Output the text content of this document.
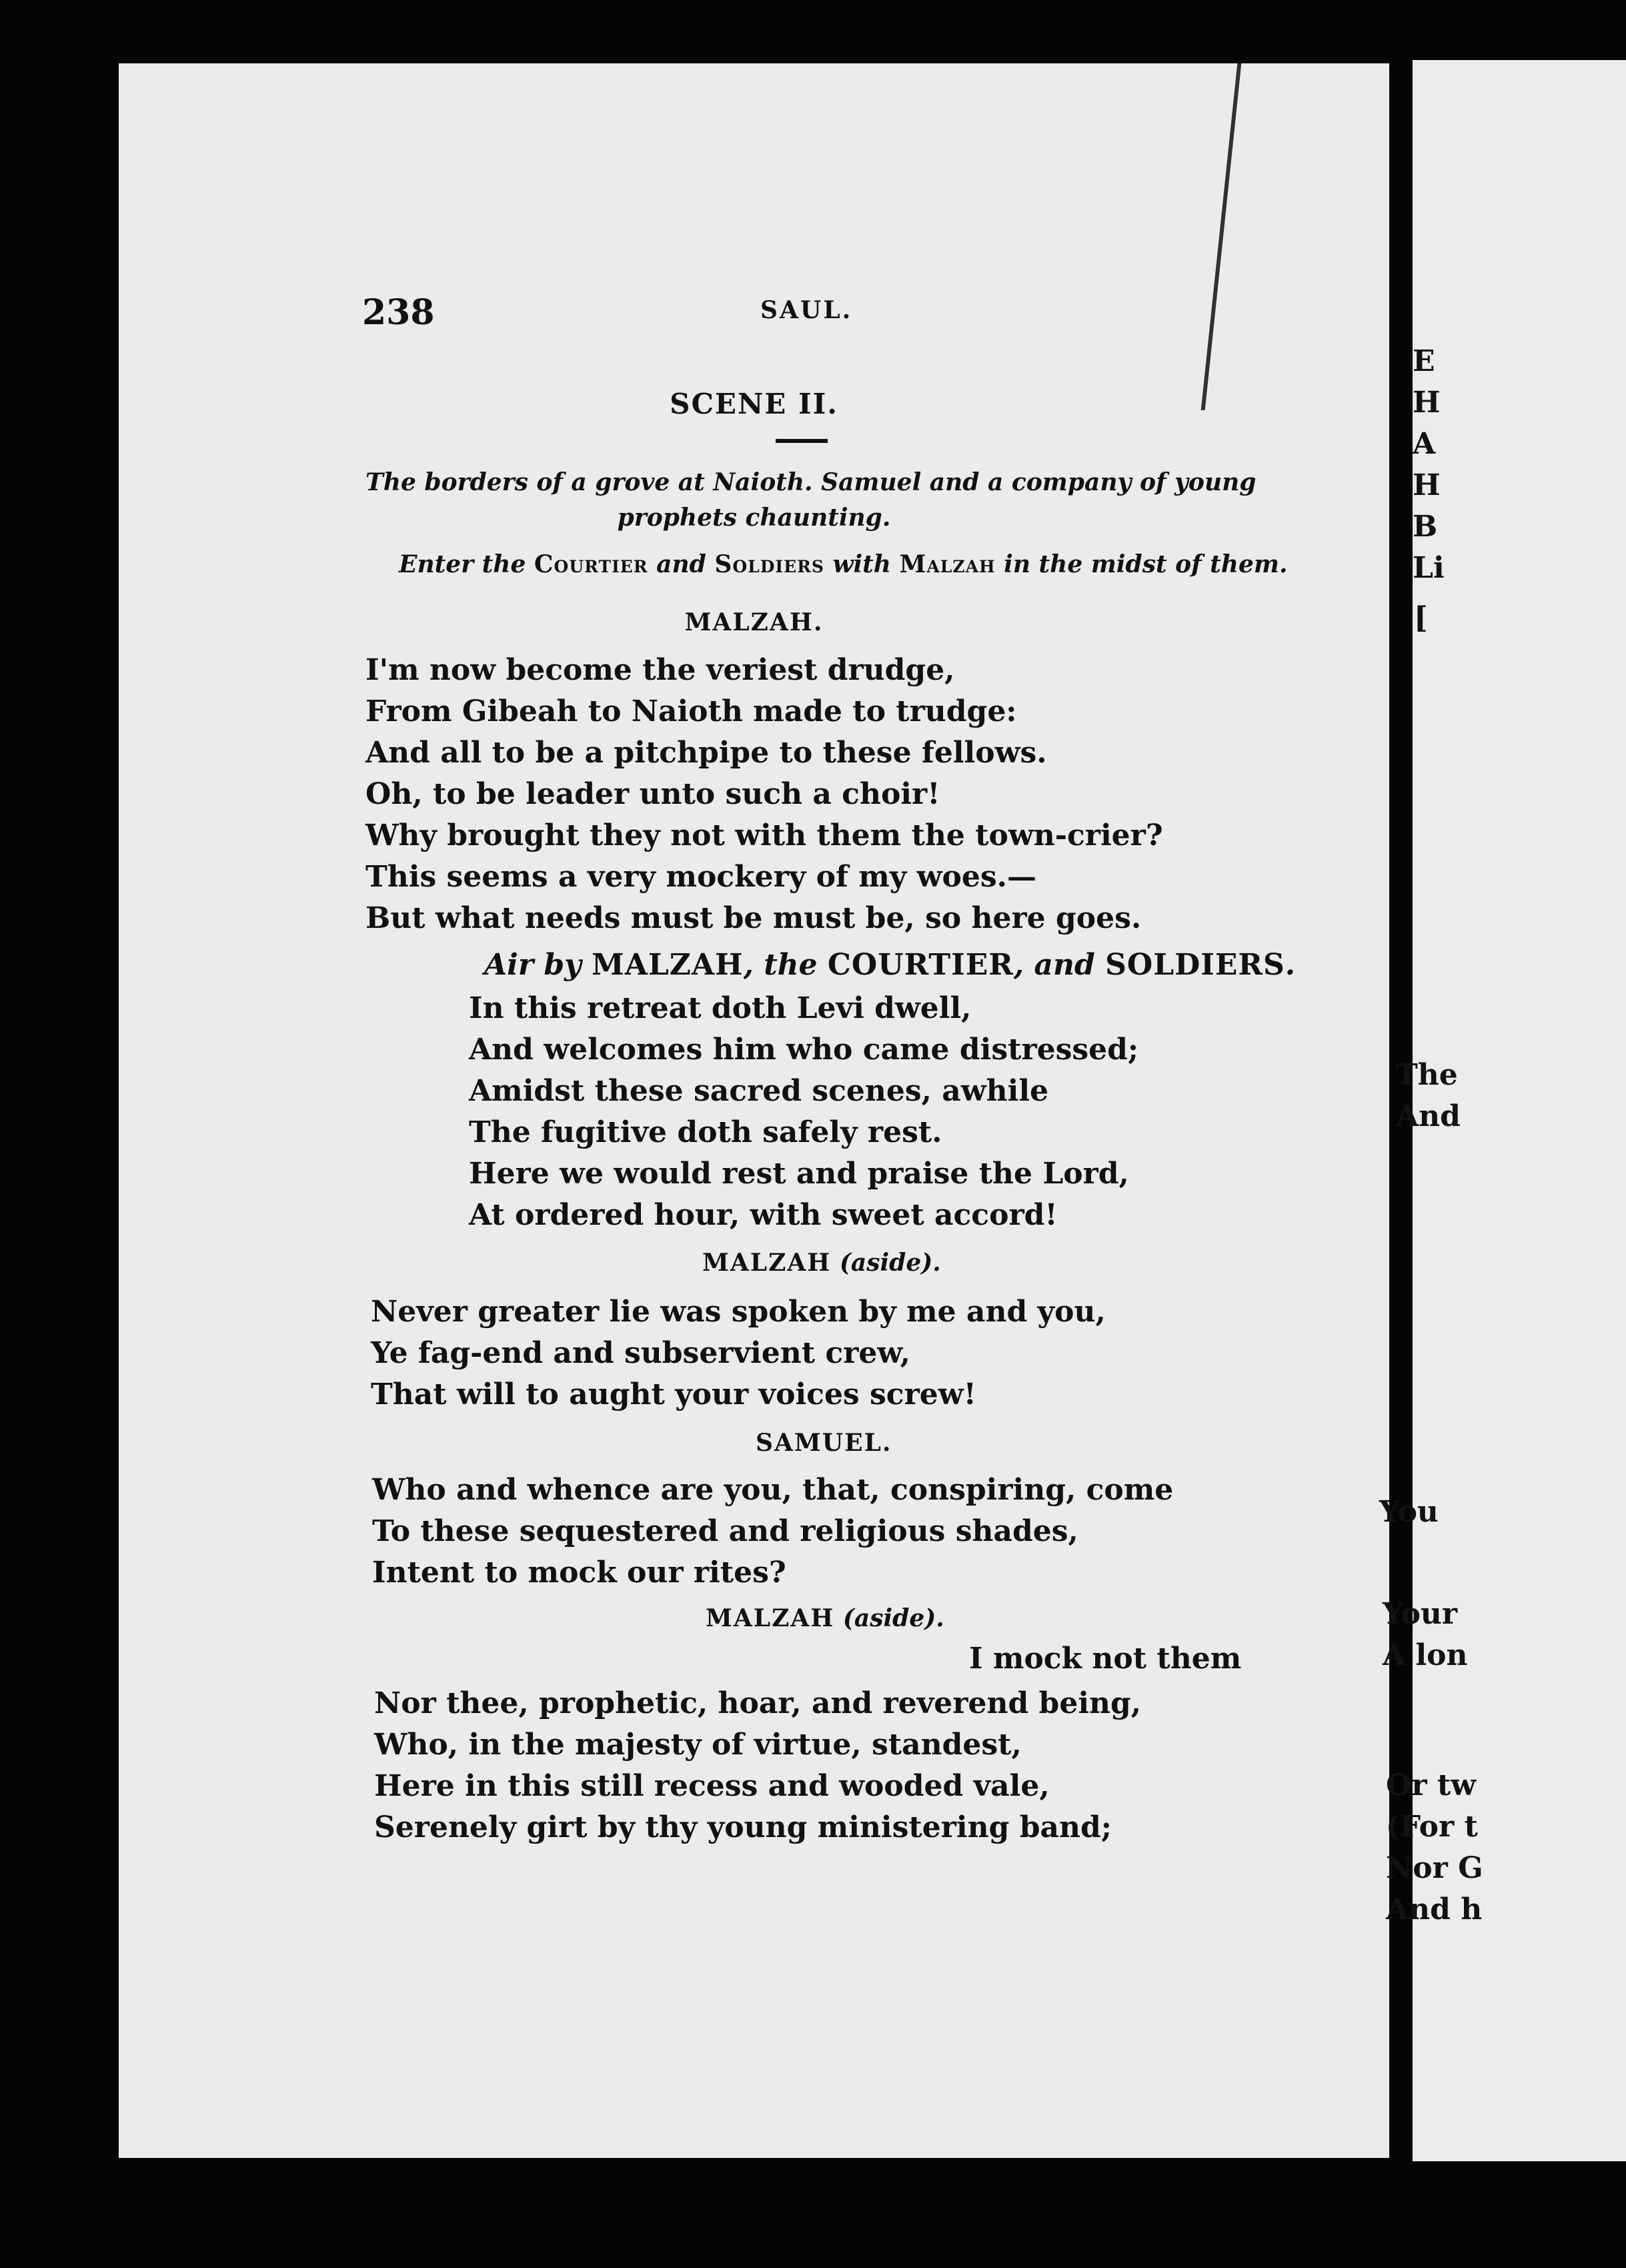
238	SAUL.

SCENE II.

The borders of a grove at Naioth. Samuel and a company of young

prophets chaunting.

Enter the Courtier and Soldiers with Malzah in the midst of them.

MALZAH.

I'm now become the veriest drudge,

From Gibeah to Naioth made to trudge:

And all to be a pitchpipe to these fellows.

Oh, to be leader unto such a choir!

Why brought they not with them the town-crier?

This seems a very mockery of my woes.—

But what needs must be must be, so here goes.

Air by MALZAH, the COURTIER, and SOLDIERS.

In this retreat doth Levi dwell,

And welcomes him who came distressed;

Amidst these sacred scenes, awhile

The fugitive doth safely rest.

Here we would rest and praise the Lord,

At ordered hour, with sweet accord!

MALZAH (aside).

Never greater lie was spoken by me and you,

Ye fag-end and subservient crew,

That will to aught your voices screw!

SAMUEL.

Who and whence are you, that, conspiring, come

To these sequestered and religious shades,

Intent to mock our rites?

MALZAH (aside).

I mock not them

Nor thee, prophetic, hoar, and reverend being,

Who, in the majesty of virtue, standest,

Here in this still recess and wooded vale,

Serenely girt by thy young ministering band;

E

H

A

H

B

Li

[

The

And

You

Your

A lon

Or tw

(For t

Nor G

And h
